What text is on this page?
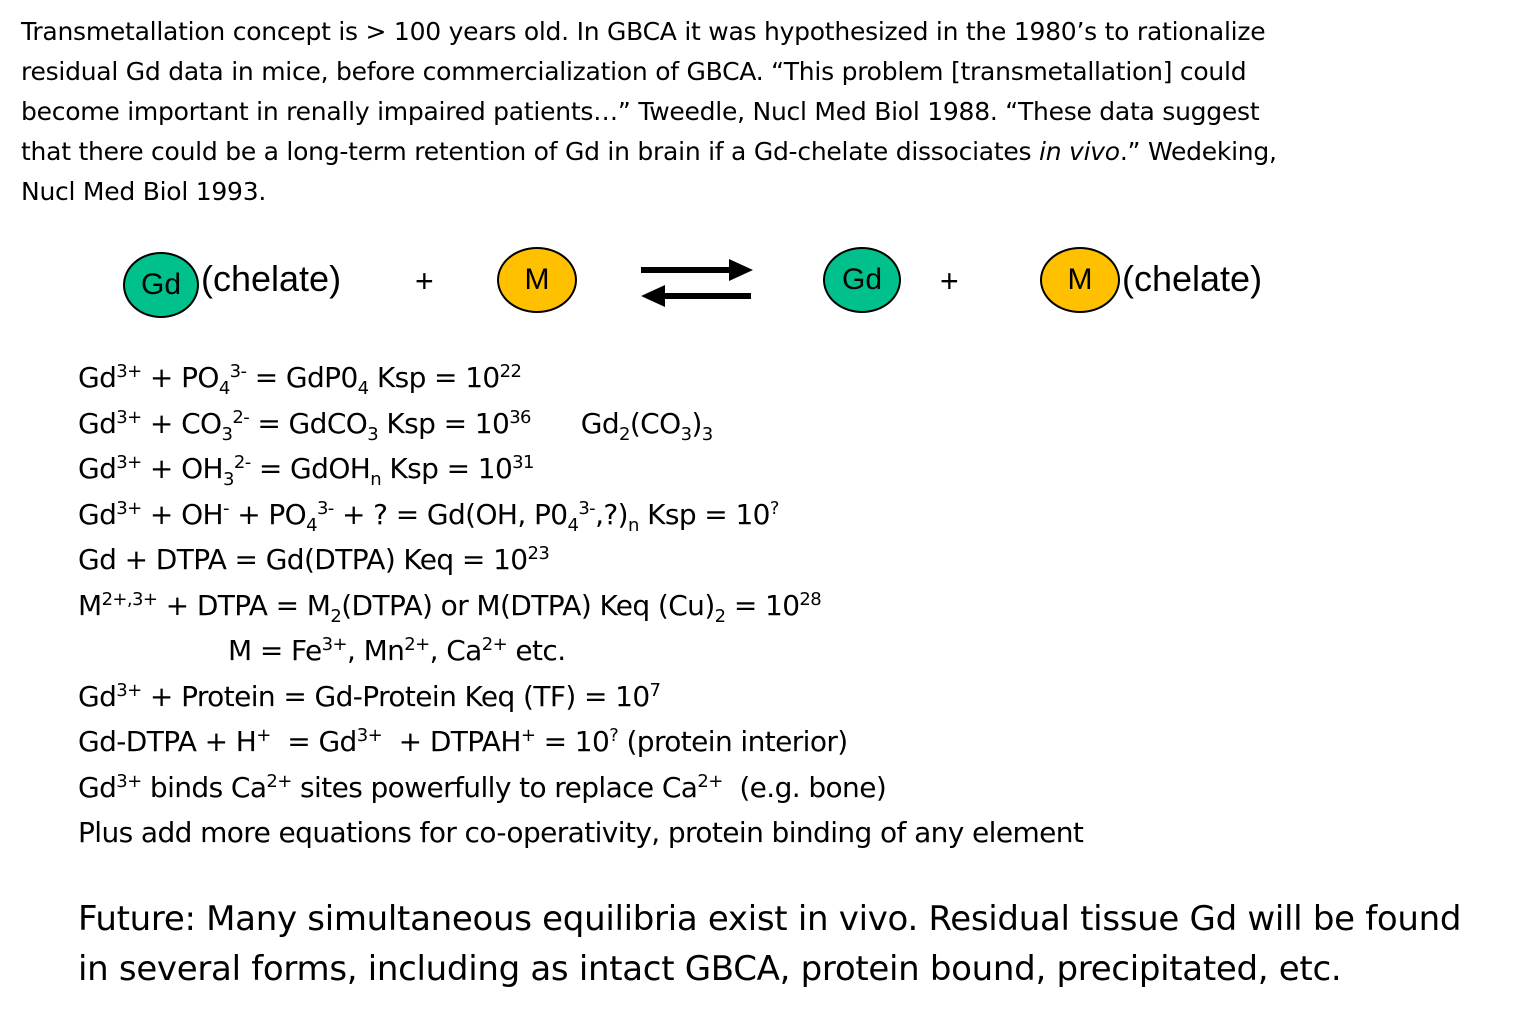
Transmetallation concept is > 100 years old. In GBCA it was hypothesized in the 1980’s to rationalize
residual Gd data in mice, before commercialization of GBCA. “This problem [transmetallation] could
become important in renally impaired patients…” Tweedle, Nucl Med Biol 1988. “These data suggest
that there could be a long-term retention of Gd in brain if a Gd-chelate dissociates in vivo.” Wedeking,
Nucl Med Biol 1993.
Gd (chelate) +	M	Gd	+	M (chelate)
$Gd^{3+} + PO_4^{3-} = GdP0_4$ Ksp = $10^{22}$
$Gd^{3+} + CO_3^{2-}$ = GdCO$_3$ Ksp = $10^{36}$      $Gd_2(CO_3)_3$
$Gd^{3+} + OH_3^{2-}$ = GdOH$_n$ Ksp = $10^{31}$
$Gd^{3+} + OH^- + PO_4^{3-}$ + ? = Gd(OH, $P0_4^{3-},?)_n$ Ksp = 10?
Gd + DTPA = Gd(DTPA) Keq = $10^{23}$
$M^{2+,3+}$ + DTPA = $M_2(DTPA)$ or M(DTPA) Keq $(Cu)_2 = 10^{28}$
$M = Fe^{3+}$, $Mn^{2+}$, $Ca^{2+}$ etc.
$Gd^{3+}$ + Protein = Gd-Protein Keq $(TF) = 10^7$
Gd-DTPA + $H^+ = Gd^{3+}$  + DTPAH+ = 10? (protein interior)
$Gd^{3+}$ binds $Ca^{2+}$ sites powerfully to replace $Ca^{2+}$  (e.g. bone)
Plus add more equations for co-operativity, protein binding of any element
Future: Many simultaneous equilibria exist in vivo. Residual tissue Gd will be found
in several forms, including as intact GBCA, protein bound, precipitated, etc.
